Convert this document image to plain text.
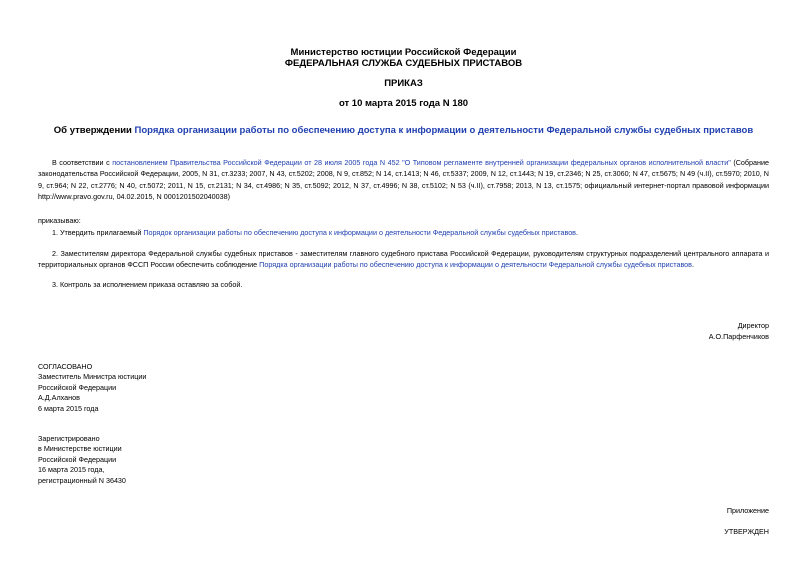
Министерство юстиции Российской Федерации
ФЕДЕРАЛЬНАЯ СЛУЖБА СУДЕБНЫХ ПРИСТАВОВ
ПРИКАЗ
от 10 марта 2015 года N 180
Об утверждении Порядка организации работы по обеспечению доступа к информации о деятельности Федеральной службы судебных приставов
В соответствии с постановлением Правительства Российской Федерации от 28 июля 2005 года N 452 "О Типовом регламенте внутренней организации федеральных органов исполнительной власти" (Собрание законодательства Российской Федерации, 2005, N 31, ст.3233; 2007, N 43, ст.5202; 2008, N 9, ст.852; N 14, ст.1413; N 46, ст.5337; 2009, N 12, ст.1443; N 19, ст.2346; N 25, ст.3060; N 47, ст.5675; N 49 (ч.II), ст.5970; 2010, N 9, ст.964; N 22, ст.2776; N 40, ст.5072; 2011, N 15, ст.2131; N 34, ст.4986; N 35, ст.5092; 2012, N 37, ст.4996; N 38, ст.5102; N 53 (ч.II), ст.7958; 2013, N 13, ст.1575; официальный интернет-портал правовой информации http://www.pravo.gov.ru, 04.02.2015, N 0001201502040038)
приказываю:
1. Утвердить прилагаемый Порядок организации работы по обеспечению доступа к информации о деятельности Федеральной службы судебных приставов.
2. Заместителям директора Федеральной службы судебных приставов - заместителям главного судебного пристава Российской Федерации, руководителям структурных подразделений центрального аппарата и территориальных органов ФССП России обеспечить соблюдение Порядка организации работы по обеспечению доступа к информации о деятельности Федеральной службы судебных приставов.
3. Контроль за исполнением приказа оставляю за собой.
Директор
А.О.Парфенчиков
СОГЛАСОВАНО
Заместитель Министра юстиции
Российской Федерации
А.Д.Алханов
6 марта 2015 года
Зарегистрировано
в Министерстве юстиции
Российской Федерации
16 марта 2015 года,
регистрационный N 36430
Приложение
УТВЕРЖДЕН
